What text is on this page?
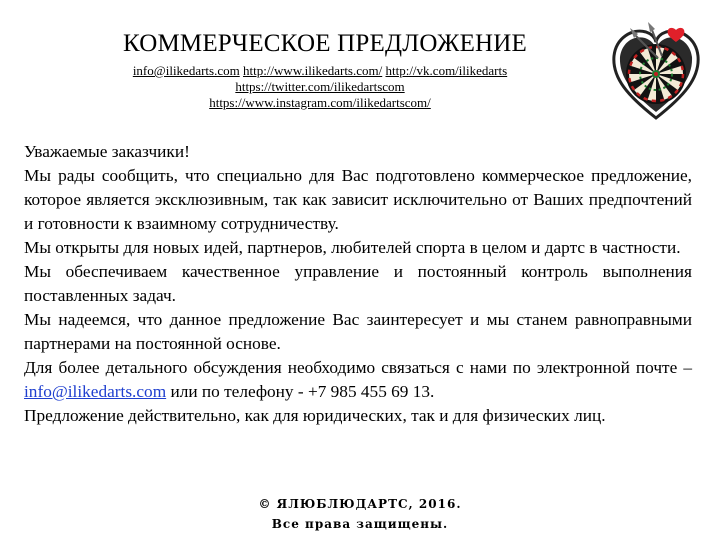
КОММЕРЧЕСКОЕ ПРЕДЛОЖЕНИЕ
info@ilikedarts.com http://www.ilikedarts.com/ http://vk.com/ilikedarts
https://twitter.com/ilikedartscom
https://www.instagram.com/ilikedartscom/

Уважаемые заказчики!

Мы рады сообщить, что специально для Вас подготовлено коммерческое предложение, которое является эксклюзивным, так как зависит исключительно от Ваших предпочтений и готовности к взаимному сотрудничеству.

Мы открыты для новых идей, партнеров, любителей спорта в целом и дартс в частности.

Мы обеспечиваем качественное управление и постоянный контроль выполнения поставленных задач.

Мы надеемся, что данное предложение Вас заинтересует и мы станем равноправными партнерами на постоянной основе.

Для более детального обсуждения необходимо связаться с нами по электронной почте – info@ilikedarts.com или по телефону - +7 985 455 69 13.

Предложение действительно, как для юридических, так и для физических лиц.

© ЯЛЮБЛЮДАРТС, 2016.
Все права защищены.
